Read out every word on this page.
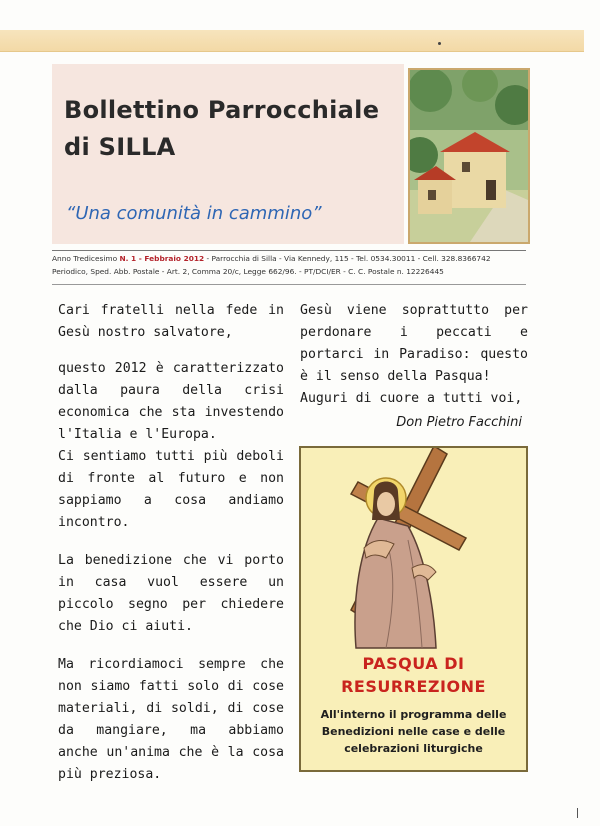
Bollettino Parrocchiale
di SILLA
“Una comunità in cammino”
Anno Tredicesimo N. 1 - Febbraio 2012 - Parrocchia di Silla - Via Kennedy, 115 - Tel. 0534.30011 - Cell. 328.8366742
Periodico, Sped. Abb. Postale - Art. 2, Comma 20/c, Legge 662/96. - PT/DCI/ER - C. C. Postale n. 12226445

Cari fratelli nella fede in Gesù nostro salvatore,

questo 2012 è caratterizzato dalla paura della crisi economica che sta investendo l'Italia e l'Europa.

Ci sentiamo tutti più deboli di fronte al futuro e non sappiamo a cosa andiamo incontro.

La benedizione che vi porto in casa vuol essere un piccolo segno per chiedere che Dio ci aiuti.

Ma ricordiamoci sempre che non siamo fatti solo di cose materiali, di soldi, di cose da mangiare, ma abbiamo anche un'anima che è la cosa più preziosa.

Gesù viene soprattutto per perdonare i peccati e portarci in Paradiso: questo è il senso della Pasqua!

Auguri di cuore a tutti voi,

Don Pietro Facchini
PASQUA DI
RESURREZIONE
All'interno il programma delle Benedizioni nelle case e delle celebrazioni liturgiche
